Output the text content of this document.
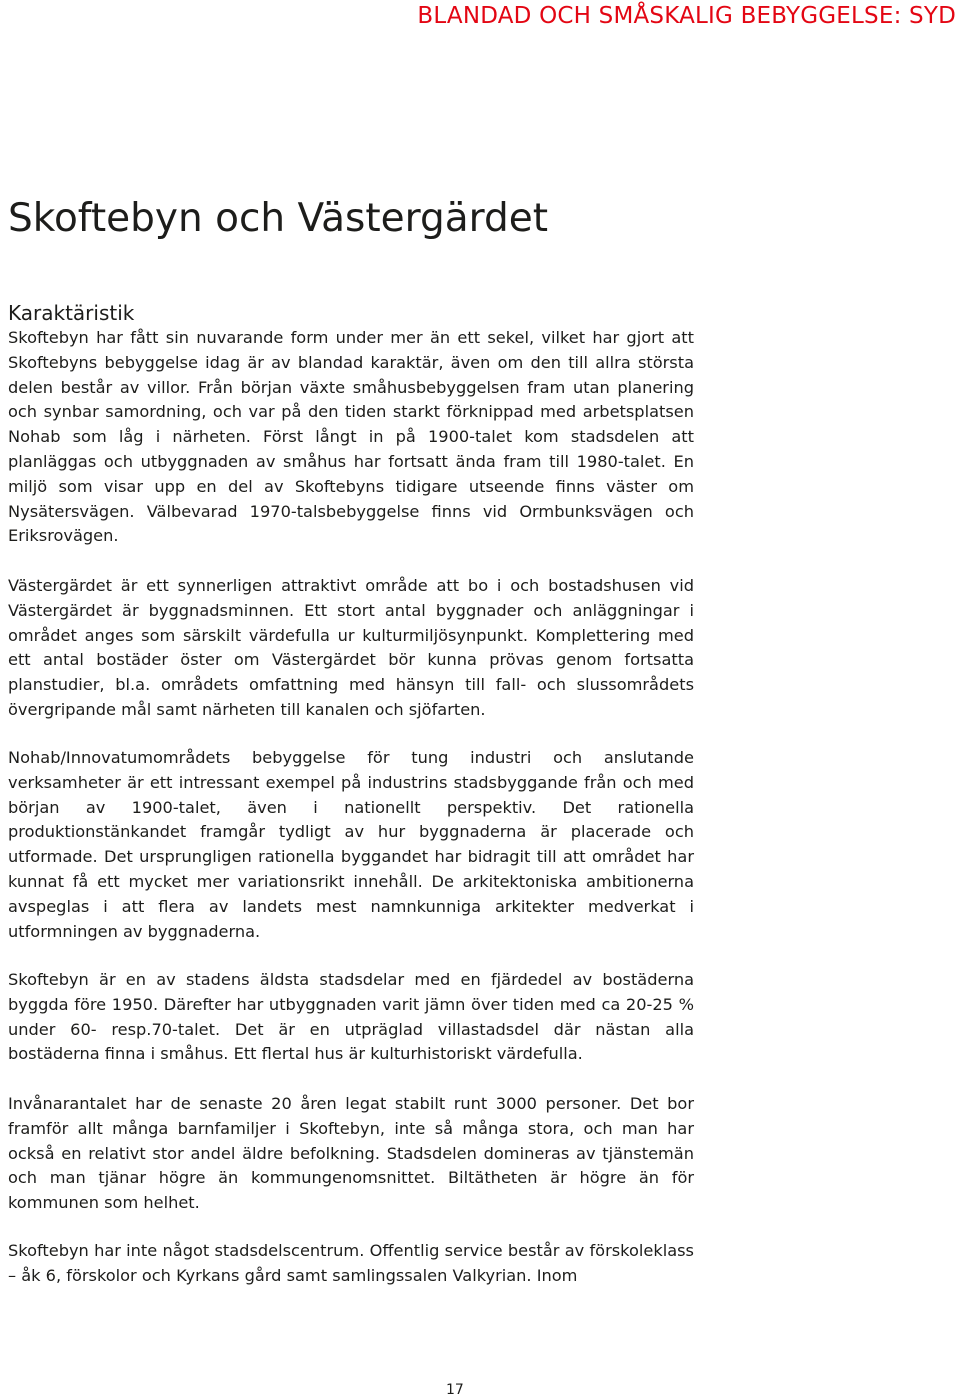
BLANDAD OCH SMÅSKALIG BEBYGGELSE: SYD
Skoftebyn och Västergärdet
Karaktäristik

Skoftebyn har fått sin nuvarande form under mer än ett sekel, vilket har gjort att Skoftebyns bebyggelse idag är av blandad karaktär, även om den till allra största delen består av villor. Från början växte småhusbebyggelsen fram utan planering och synbar samordning, och var på den tiden starkt förknippad med arbetsplatsen Nohab som låg i närheten. Först långt in på 1900-talet kom stadsdelen att planläggas och utbyggnaden av småhus har fortsatt ända fram till 1980-talet. En miljö som visar upp en del av Skoftebyns tidigare utseende finns väster om Nysätersvägen. Välbevarad 1970-talsbebyggelse finns vid Ormbunksvägen och Eriksrovägen.

Västergärdet är ett synnerligen attraktivt område att bo i och bostadshusen vid Västergärdet är byggnadsminnen. Ett stort antal byggnader och anläggningar i området anges som särskilt värdefulla ur kulturmiljösynpunkt. Komplettering med ett antal bostäder öster om Västergärdet bör kunna prövas genom fortsatta planstudier, bl.a. områdets omfattning med hänsyn till fall- och slussområdets övergripande mål samt närheten till kanalen och sjöfarten.

Nohab/Innovatumområdets bebyggelse för tung industri och anslutande verksamheter är ett intressant exempel på industrins stadsbyggande från och med början av 1900-talet, även i nationellt perspektiv. Det rationella produktionstänkandet framgår tydligt av hur byggnaderna är placerade och utformade. Det ursprungligen rationella byggandet har bidragit till att området har kunnat få ett mycket mer variationsrikt innehåll. De arkitektoniska ambitionerna avspeglas i att flera av landets mest namnkunniga arkitekter medverkat i utformningen av byggnaderna.

Skoftebyn är en av stadens äldsta stadsdelar med en fjärdedel av bostäderna byggda före 1950. Därefter har utbyggnaden varit jämn över tiden med ca 20-25 % under 60- resp.70-talet. Det är en utpräglad villastadsdel där nästan alla bostäderna finna i småhus. Ett flertal hus är kulturhistoriskt värdefulla.

Invånarantalet har de senaste 20 åren legat stabilt runt 3000 personer. Det bor framför allt många barnfamiljer i Skoftebyn, inte så många stora, och man har också en relativt stor andel äldre befolkning. Stadsdelen domineras av tjänstemän och man tjänar högre än kommungenomsnittet. Biltätheten är högre än för kommunen som helhet.

Skoftebyn har inte något stadsdelscentrum. Offentlig service består av förskoleklass – åk 6, förskolor och Kyrkans gård samt samlingssalen Valkyrian. Inom

17
